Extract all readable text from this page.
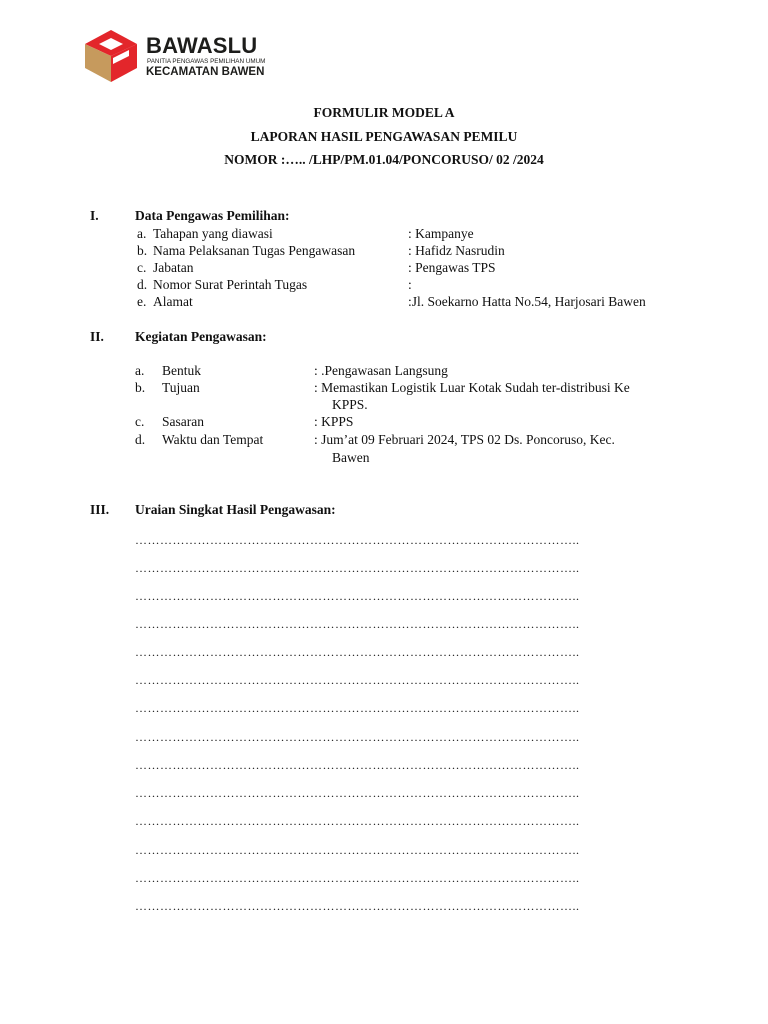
BAWASLU
PANITIA PENGAWAS PEMILIHAN UMUM
KECAMATAN BAWEN
FORMULIR MODEL A
LAPORAN HASIL PENGAWASAN PEMILU
NOMOR :….. /LHP/PM.01.04/PONCORUSO/ 02 /2024
I.	Data Pengawas Pemilihan:
a. Tahapan yang diawasi	: Kampanye
b. Nama Pelaksanan Tugas Pengawasan	: Hafidz Nasrudin
c. Jabatan	: Pengawas TPS
d. Nomor Surat Perintah Tugas	:
e. Alamat	:Jl. Soekarno Hatta No.54, Harjosari Bawen
II. Kegiatan Pengawasan:
a. Bentuk	: .Pengawasan Langsung
b. Tujuan	: Memastikan Logistik Luar Kotak Sudah ter-distribusi Ke
KPPS.
c. Sasaran	: KPPS
d. Waktu dan Tempat	: Jum’at 09 Februari 2024, TPS 02 Ds. Poncoruso, Kec.
Bawen
III. Uraian Singkat Hasil Pengawasan:
……………………………………………………………………………………………..
……………………………………………………………………………………………..
……………………………………………………………………………………………..
……………………………………………………………………………………………..
……………………………………………………………………………………………..
……………………………………………………………………………………………..
……………………………………………………………………………………………..
……………………………………………………………………………………………..
……………………………………………………………………………………………..
……………………………………………………………………………………………..
……………………………………………………………………………………………..
……………………………………………………………………………………………..
……………………………………………………………………………………………..
……………………………………………………………………………………………..
